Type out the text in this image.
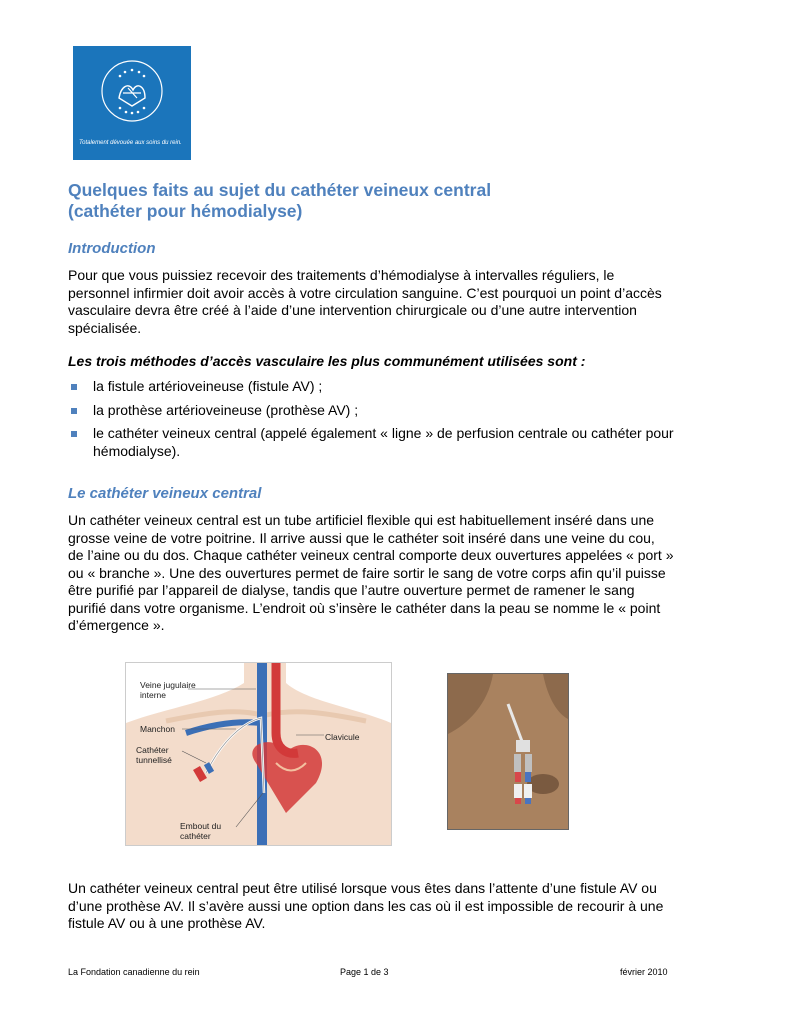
Totalement dévouée aux soins du rein.
Quelques faits au sujet du cathéter veineux central
(cathéter pour hémodialyse)
Introduction

Pour que vous puissiez recevoir des traitements d’hémodialyse à intervalles réguliers, le
personnel infirmier doit avoir accès à votre circulation sanguine. C’est pourquoi un point d’accès
vasculaire devra être créé à l’aide d’une intervention chirurgicale ou d’une autre intervention
spécialisée.

Les trois méthodes d’accès vasculaire les plus communément utilisées sont :

la fistule artérioveineuse (fistule AV) ;
la prothèse artérioveineuse (prothèse AV) ;
le cathéter veineux central (appelé également « ligne » de perfusion centrale ou cathéter pour
hémodialyse).
Le cathéter veineux central

Un cathéter veineux central est un tube artificiel flexible qui est habituellement inséré dans une
grosse veine de votre poitrine. Il arrive aussi que le cathéter soit inséré dans une veine du cou,
de l’aine ou du dos. Chaque cathéter veineux central comporte deux ouvertures appelées « port »
ou « branche ». Une des ouvertures permet de faire sortir le sang de votre corps afin qu’il puisse
être purifié par l’appareil de dialyse, tandis que l’autre ouverture permet de ramener le sang
purifié dans votre organisme. L’endroit où s’insère le cathéter dans la peau se nomme le « point
d’émergence ».

Veine jugulaire
interne
Manchon
Clavicule
Cathéter
tunnellisé
Embout du
cathéter

Un cathéter veineux central peut être utilisé lorsque vous êtes dans l’attente d’une fistule AV ou
d’une prothèse AV. Il s’avère aussi une option dans les cas où il est impossible de recourir à une
fistule AV ou à une prothèse AV.

La Fondation canadienne du rein	Page 1 de 3	février 2010
